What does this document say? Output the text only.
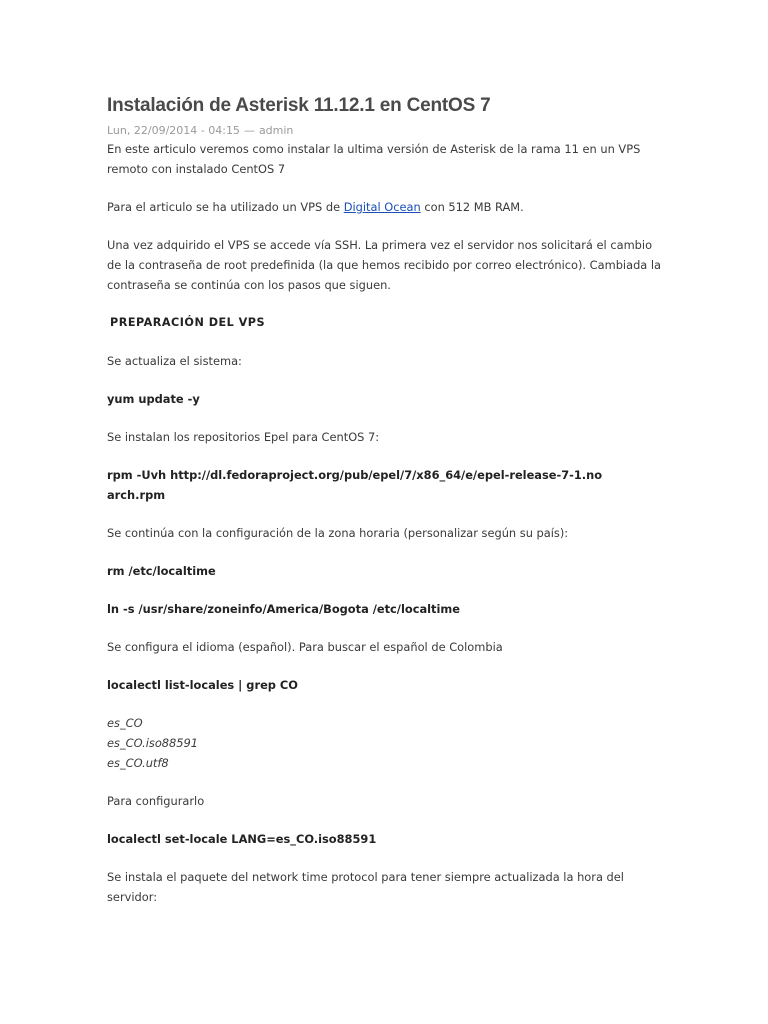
Instalación de Asterisk 11.12.1 en CentOS 7
Lun, 22/09/2014 - 04:15 — admin

En este articulo veremos como instalar la ultima versión de Asterisk de la rama 11 en un VPS remoto con instalado CentOS 7

Para el articulo se ha utilizado un VPS de Digital Ocean con 512 MB RAM.

Una vez adquirido el VPS se accede vía SSH. La primera vez el servidor nos solicitará el cambio de la contraseña de root predefinida (la que hemos recibido por correo electrónico). Cambiada la contraseña se continúa con los pasos que siguen.

PREPARACIÓN DEL VPS

Se actualiza el sistema:

yum update -y

Se instalan los repositorios Epel para CentOS 7:

rpm -Uvh http://dl.fedoraproject.org/pub/epel/7/x86_64/e/epel-release-7-1.noarch.rpm

Se continúa con la configuración de la zona horaria (personalizar según su país):

rm /etc/localtime

ln -s /usr/share/zoneinfo/America/Bogota /etc/localtime

Se configura el idioma (español). Para buscar el español de Colombia

localectl list-locales | grep CO

es_CO

es_CO.iso88591

es_CO.utf8

Para configurarlo

localectl set-locale LANG=es_CO.iso88591

Se instala el paquete del network time protocol para tener siempre actualizada la hora del servidor:
